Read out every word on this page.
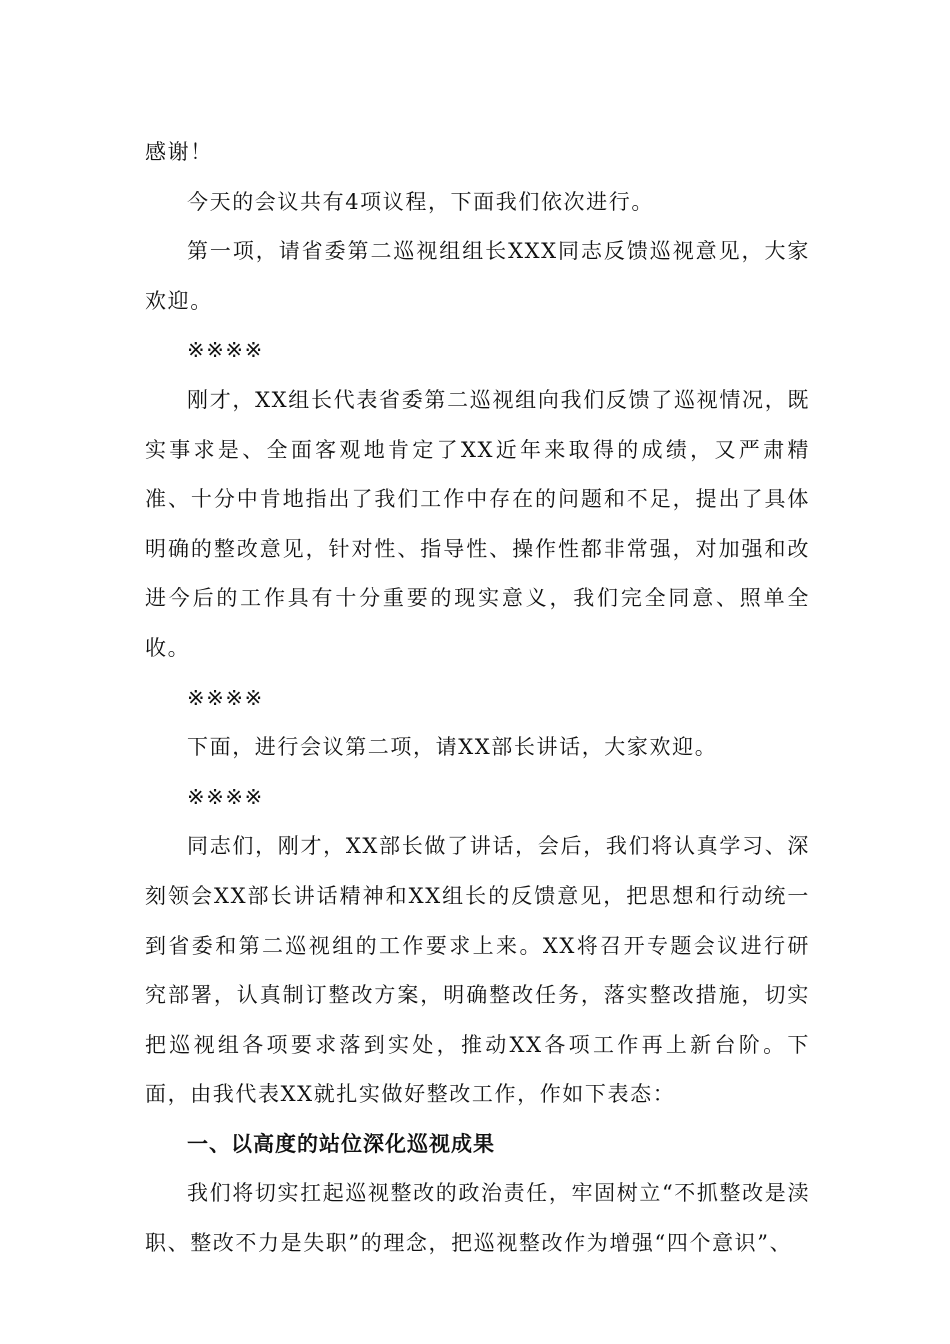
感谢！

今天的会议共有4项议程，下面我们依次进行。

第一项，请省委第二巡视组组长XXX同志反馈巡视意见，大家欢迎。

※※※※

刚才，XX组长代表省委第二巡视组向我们反馈了巡视情况，既实事求是、全面客观地肯定了XX近年来取得的成绩，又严肃精准、十分中肯地指出了我们工作中存在的问题和不足，提出了具体明确的整改意见，针对性、指导性、操作性都非常强，对加强和改进今后的工作具有十分重要的现实意义，我们完全同意、照单全收。

※※※※

下面，进行会议第二项，请XX部长讲话，大家欢迎。

※※※※

同志们，刚才，XX部长做了讲话，会后，我们将认真学习、深刻领会XX部长讲话精神和XX组长的反馈意见，把思想和行动统一到省委和第二巡视组的工作要求上来。XX将召开专题会议进行研究部署，认真制订整改方案，明确整改任务，落实整改措施，切实把巡视组各项要求落到实处，推动XX各项工作再上新台阶。下面，由我代表XX就扎实做好整改工作，作如下表态：

一、以高度的站位深化巡视成果

我们将切实扛起巡视整改的政治责任，牢固树立“不抓整改是渎职、整改不力是失职”的理念，把巡视整改作为增强“四个意识”、
